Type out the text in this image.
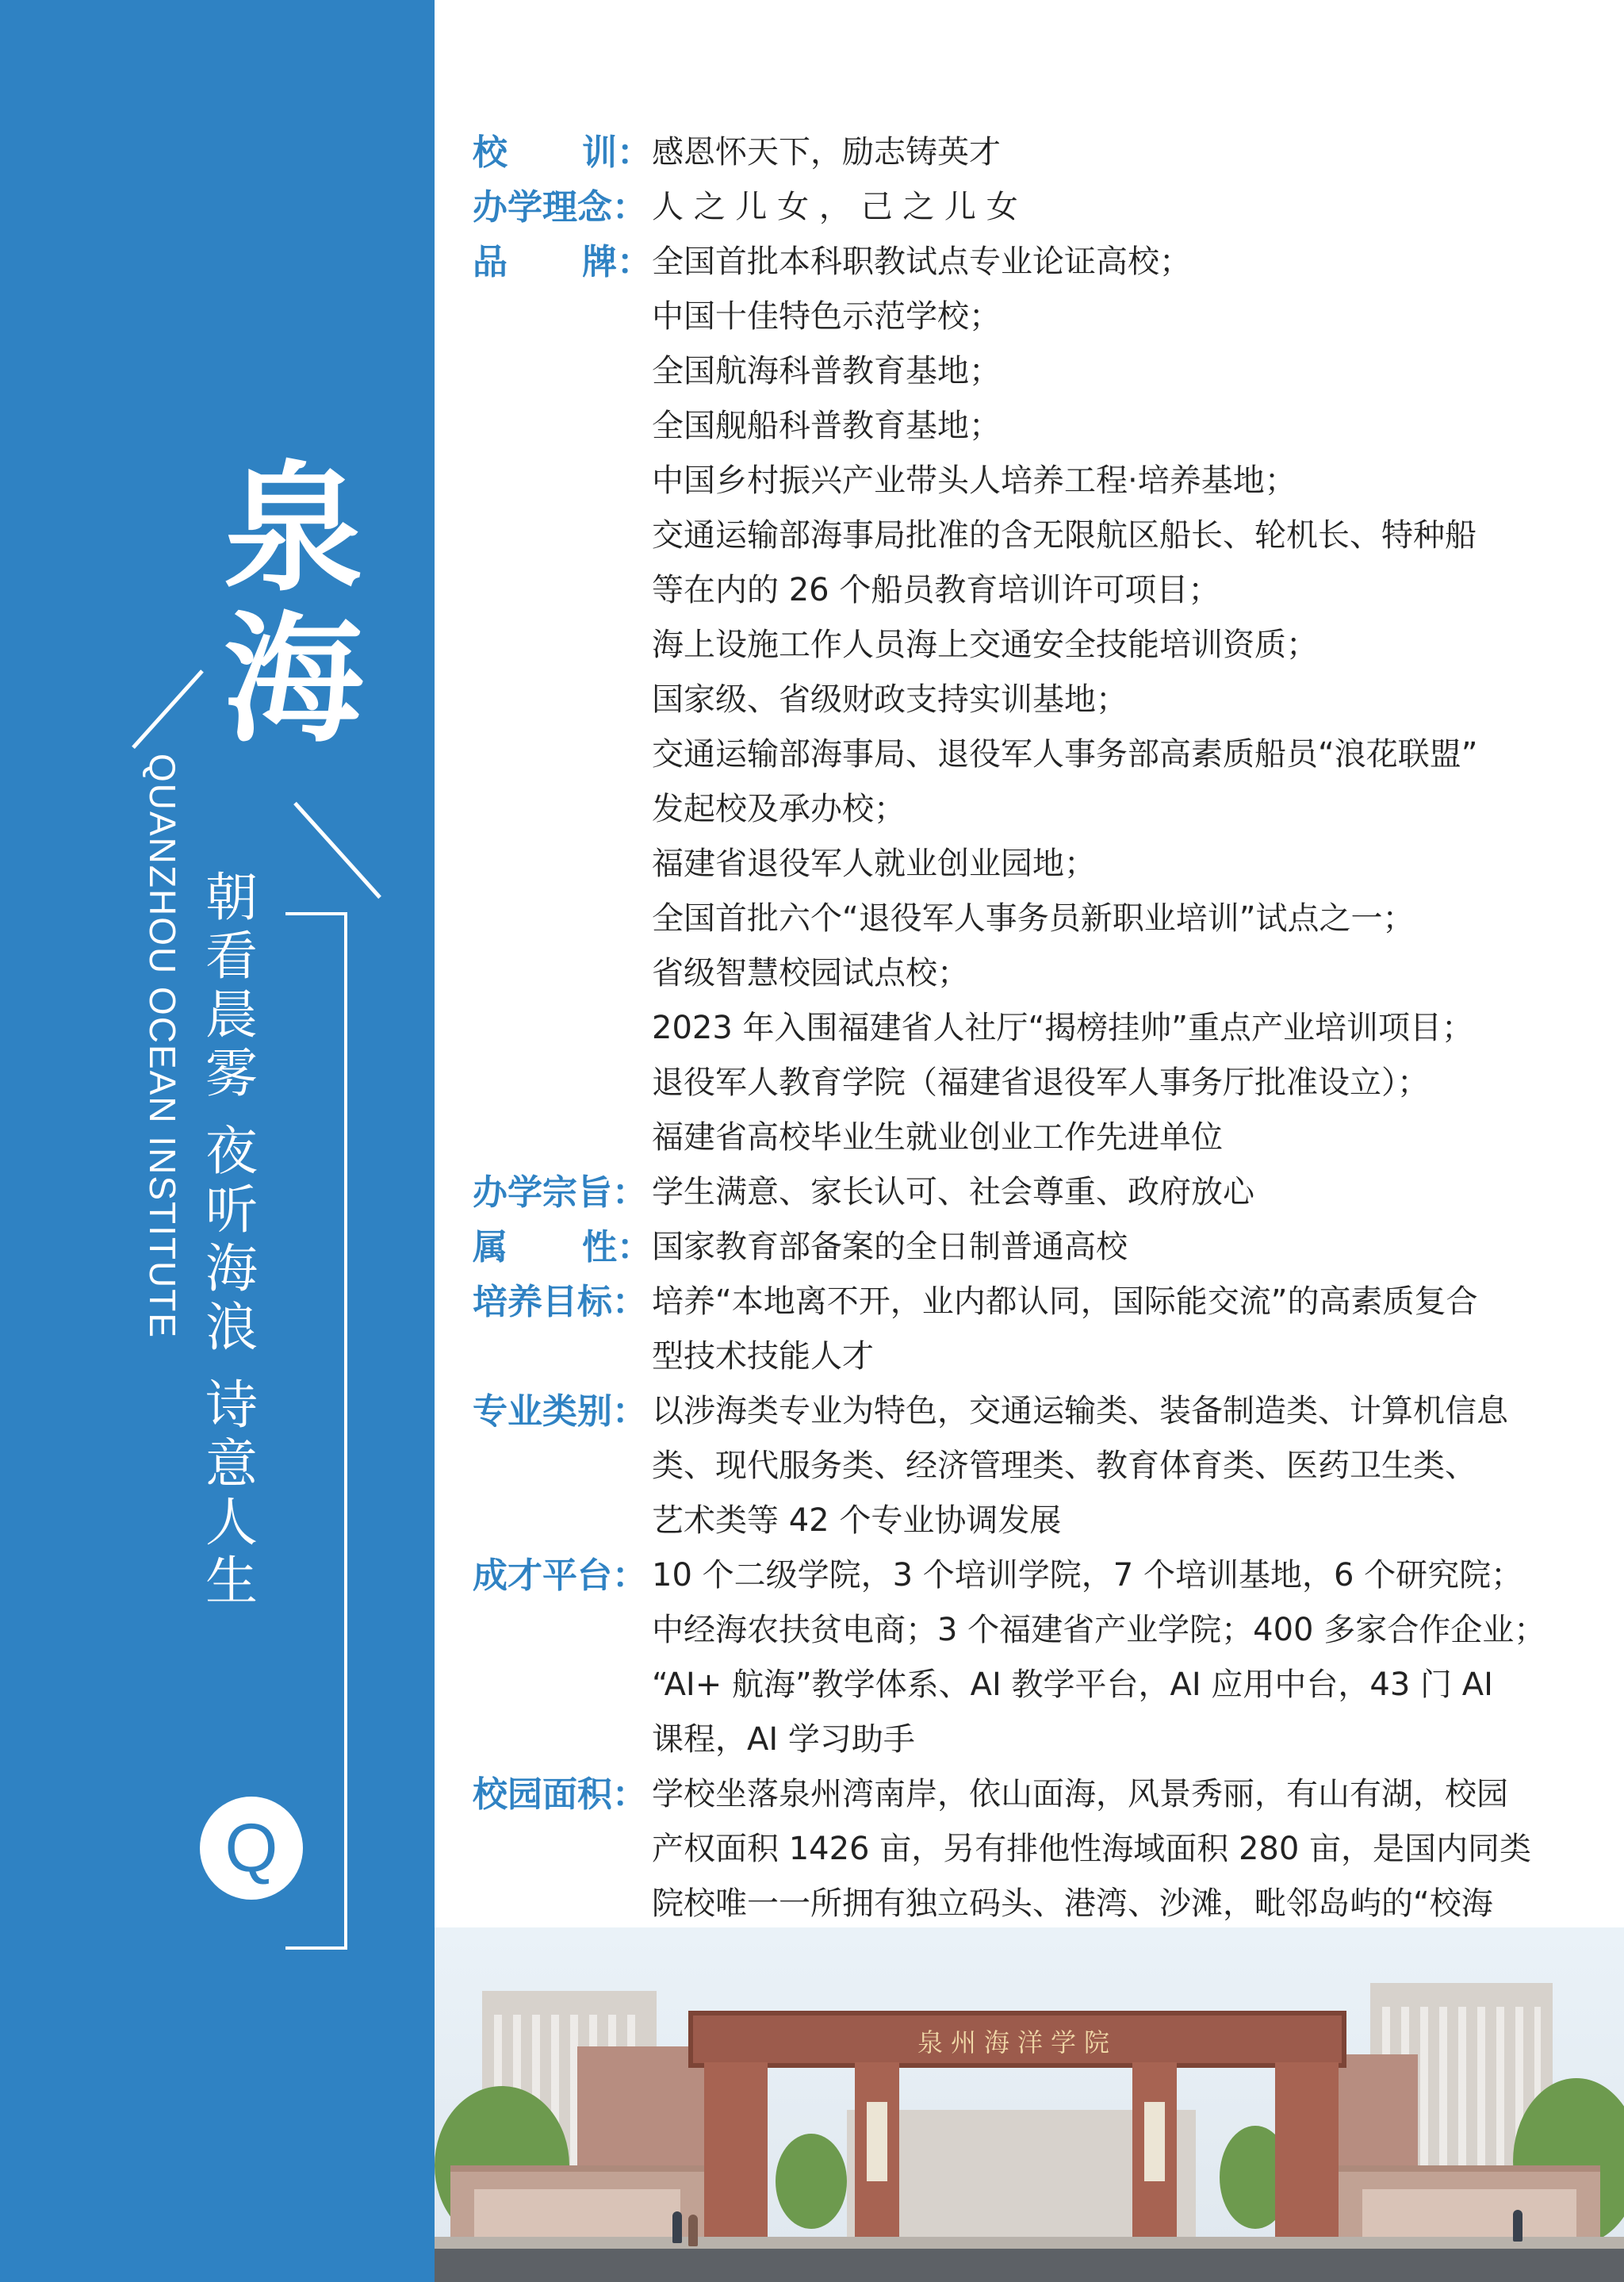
泉
海
QUANZHOU OCEAN INSTITUTE 朝
看
晨
雾
夜
听
海
浪
诗
意
人
生
Q
校 训： 感恩怀天下，励志铸英才
办学理念： 人 之 儿 女 ， 己 之 儿 女
品 牌： 全国首批本科职教试点专业论证高校；
中国十佳特色示范学校；
全国航海科普教育基地；
全国舰船科普教育基地；
中国乡村振兴产业带头人培养工程·培养基地；
交通运输部海事局批准的含无限航区船长、轮机长、特种船
等在内的 26 个船员教育培训许可项目；
海上设施工作人员海上交通安全技能培训资质；
国家级、省级财政支持实训基地；
交通运输部海事局、退役军人事务部高素质船员“浪花联盟”
发起校及承办校；
福建省退役军人就业创业园地；
全国首批六个“退役军人事务员新职业培训”试点之一；
省级智慧校园试点校；
2023 年入围福建省人社厅“揭榜挂帅”重点产业培训项目；
退役军人教育学院（福建省退役军人事务厅批准设立）；
福建省高校毕业生就业创业工作先进单位
办学宗旨： 学生满意、家长认可、社会尊重、政府放心
属 性： 国家教育部备案的全日制普通高校
培养目标： 培养“本地离不开，业内都认同，国际能交流”的高素质复合
型技术技能人才
专业类别： 以涉海类专业为特色，交通运输类、装备制造类、计算机信息
类、现代服务类、经济管理类、教育体育类、医药卫生类、
艺术类等 42 个专业协调发展
成才平台： 10 个二级学院，3 个培训学院，7 个培训基地，6 个研究院；
中经海农扶贫电商；3 个福建省产业学院；400 多家合作企业；
“AI+ 航海”教学体系、AI 教学平台，AI 应用中台，43 门 AI
课程，AI 学习助手
校园面积： 学校坐落泉州湾南岸，依山面海，风景秀丽，有山有湖，校园
产权面积 1426 亩，另有排他性海域面积 280 亩，是国内同类
院校唯一一所拥有独立码头、港湾、沙滩，毗邻岛屿的“校海
泉州海洋学院
